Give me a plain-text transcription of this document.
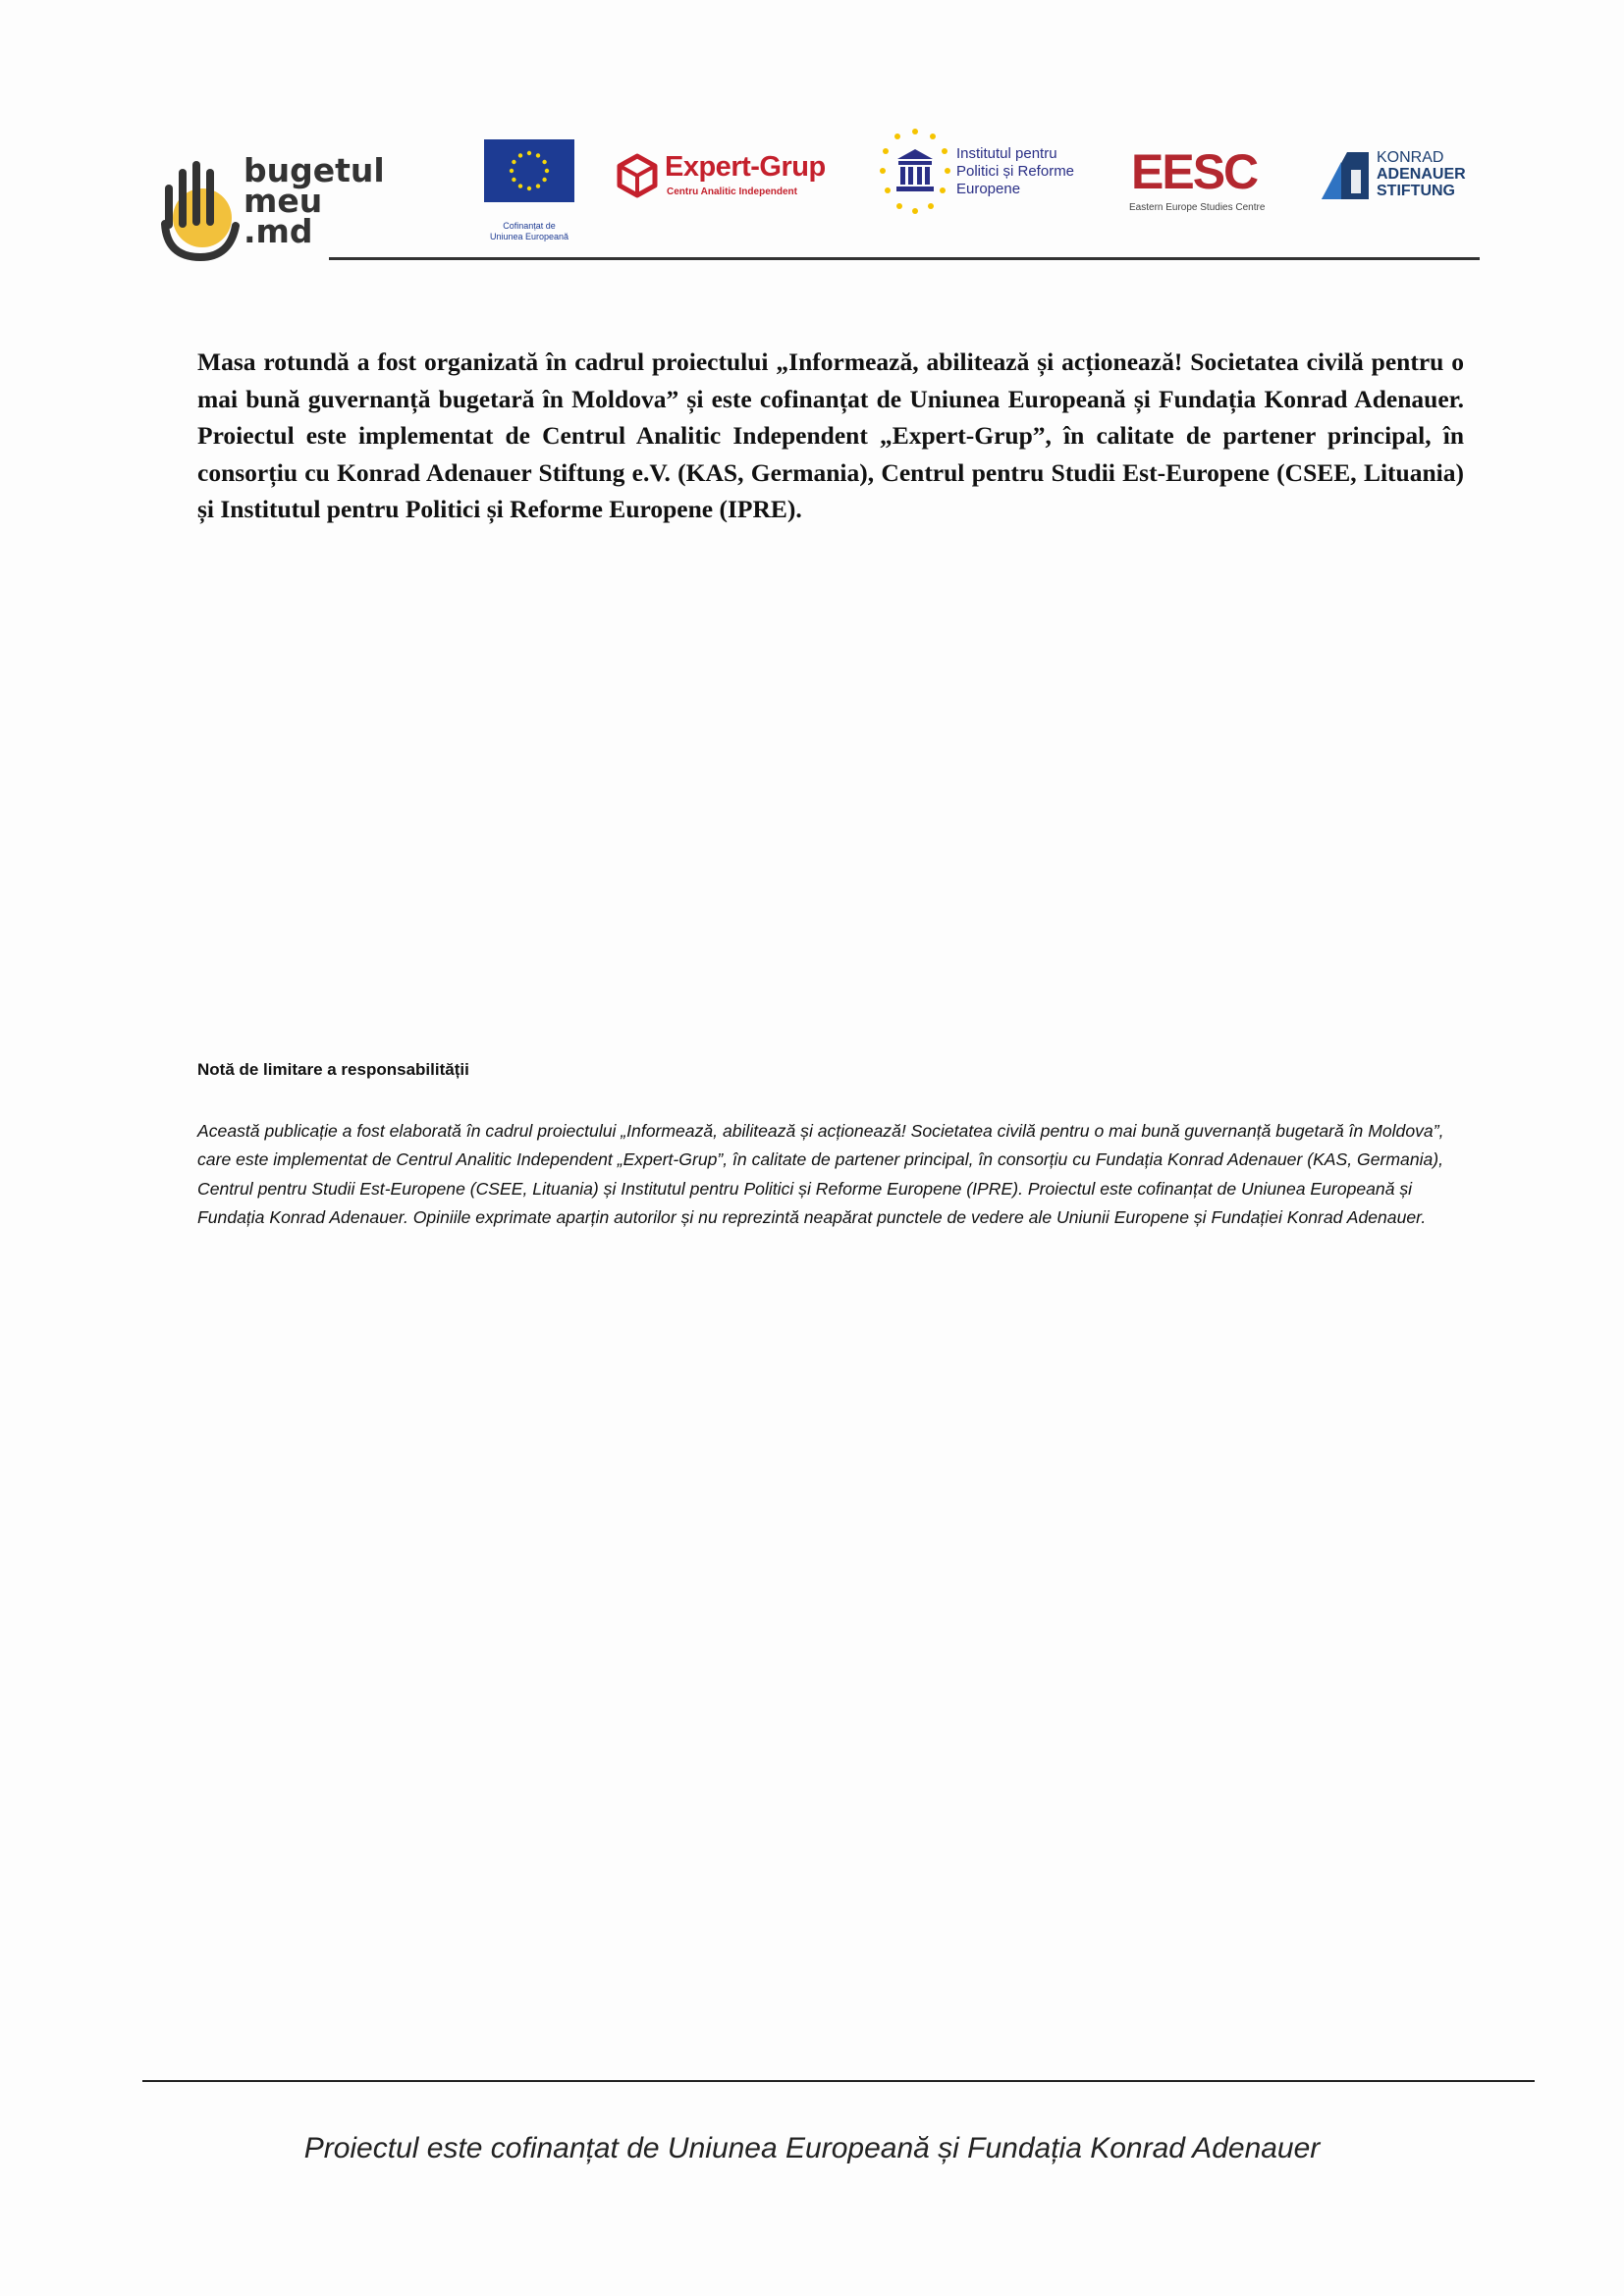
bugetul
meu
.md	Cofinanțat de
Uniunea Europeană
Expert-Grup
Centru Analitic Independent
Institutul pentru
Politici și Reforme
Europene	EESC
Eastern Europe Studies Centre
KONRAD
ADENAUER
STIFTUNG

Masa rotundă a fost organizată în cadrul proiectului „Informează, abilitează și acționează! Societatea civilă pentru o mai bună guvernanță bugetară în Moldova” și este cofinanțat de Uniunea Europeană și Fundația Konrad Adenauer. Proiectul este implementat de Centrul Analitic Independent „Expert-Grup”, în calitate de partener principal, în consorțiu cu Konrad Adenauer Stiftung e.V. (KAS, Germania), Centrul pentru Studii Est-Europene (CSEE, Lituania) și Institutul pentru Politici și Reforme Europene (IPRE).

Notă de limitare a responsabilității

Această publicație a fost elaborată în cadrul proiectului „Informează, abilitează și acționează! Societatea civilă pentru o mai bună guvernanță bugetară în Moldova”, care este implementat de Centrul Analitic Independent „Expert-Grup”, în calitate de partener principal, în consorțiu cu Fundația Konrad Adenauer (KAS, Germania), Centrul pentru Studii Est-Europene (CSEE, Lituania) și Institutul pentru Politici și Reforme Europene (IPRE). Proiectul este cofinanțat de Uniunea Europeană și Fundația Konrad Adenauer. Opiniile exprimate aparțin autorilor și nu reprezintă neapărat punctele de vedere ale Uniunii Europene și Fundației Konrad Adenauer.

Proiectul este cofinanțat de Uniunea Europeană și Fundația Konrad Adenauer
